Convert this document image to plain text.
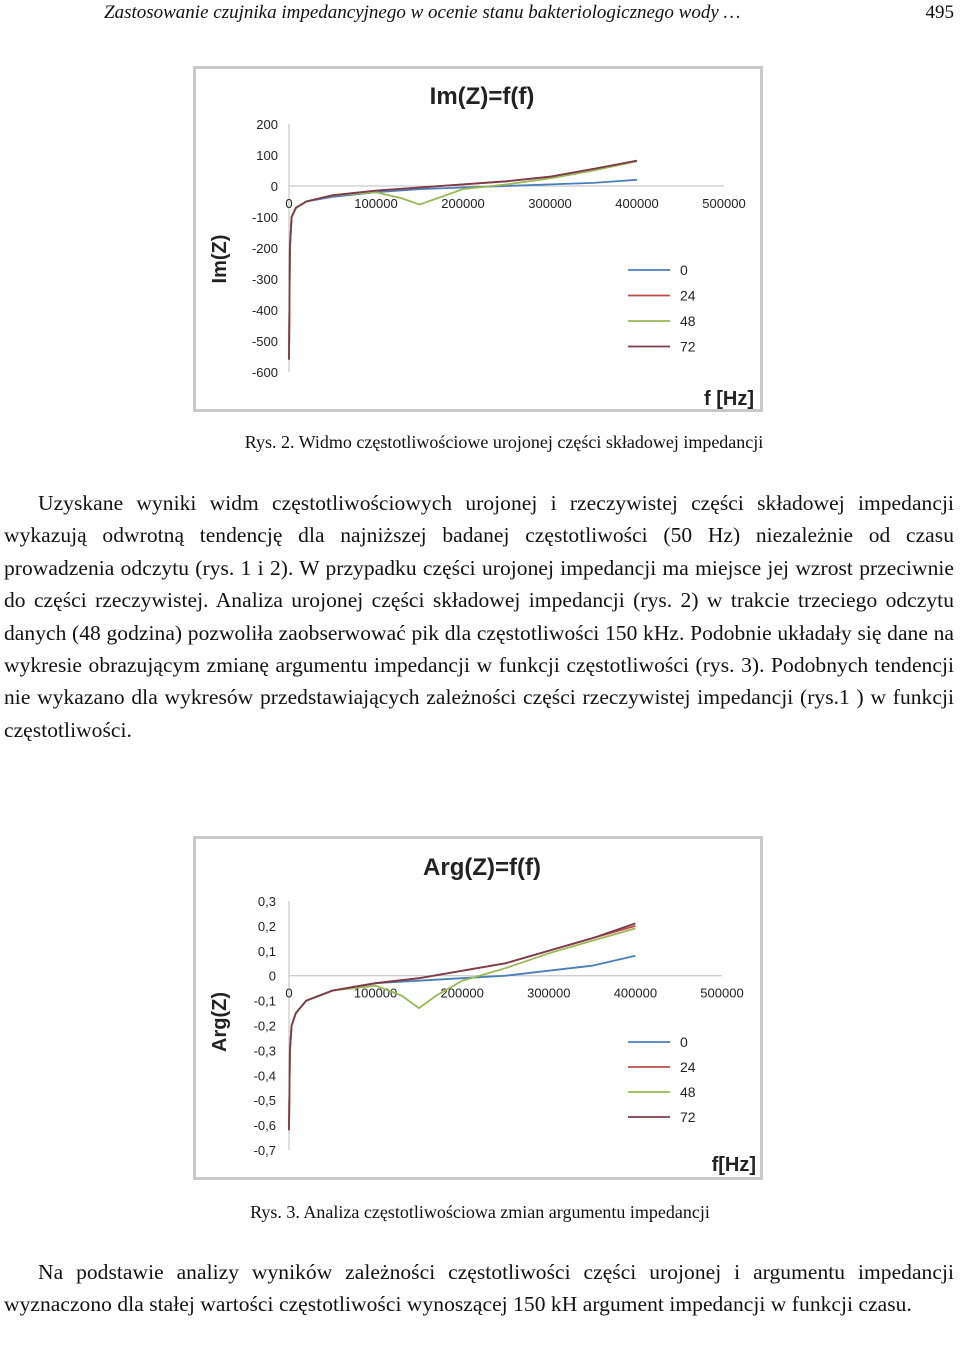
Zastosowanie czujnika impedancyjnego w ocenie stanu bakteriologicznego wody …	495
Im(Z)=f(f)
200
100
0
-100
-200
-300
-400
-500
-600
0	100000	200000	300000	400000	500000
Im(Z)
f [Hz]
0
24
48
72
Rys. 2. Widmo częstotliwościowe urojonej części składowej impedancji

Uzyskane wyniki widm częstotliwościowych urojonej i rzeczywistej części składowej impedancji wykazują odwrotną tendencję dla najniższej badanej częstotliwości (50 Hz) niezależnie od czasu prowadzenia odczytu (rys. 1 i 2). W przypadku części urojonej impedancji ma miejsce jej wzrost przeciwnie do części rzeczywistej. Analiza urojonej części składowej impedancji (rys. 2) w trakcie trzeciego odczytu danych (48 godzina) pozwoliła zaobserwować pik dla częstotliwości 150 kHz. Podobnie układały się dane na wykresie obrazującym zmianę argumentu impedancji w funkcji częstotliwości (rys. 3). Podobnych tendencji nie wykazano dla wykresów przedstawiających zależności części rzeczywistej impedancji (rys.1 ) w funkcji częstotliwości.

Arg(Z)=f(f)
0,3
0,2
0,1
0
-0,1
-0,2
-0,3
-0,4
-0,5
-0,6
-0,7
0	100000	200000	300000	400000	500000
Arg(Z)
f[Hz]
0
24
48
72
Rys. 3. Analiza częstotliwościowa zmian argumentu impedancji

Na podstawie analizy wyników zależności częstotliwości części urojonej i argumentu impedancji wyznaczono dla stałej wartości częstotliwości wynoszącej 150 kH argument impedancji w funkcji czasu.
